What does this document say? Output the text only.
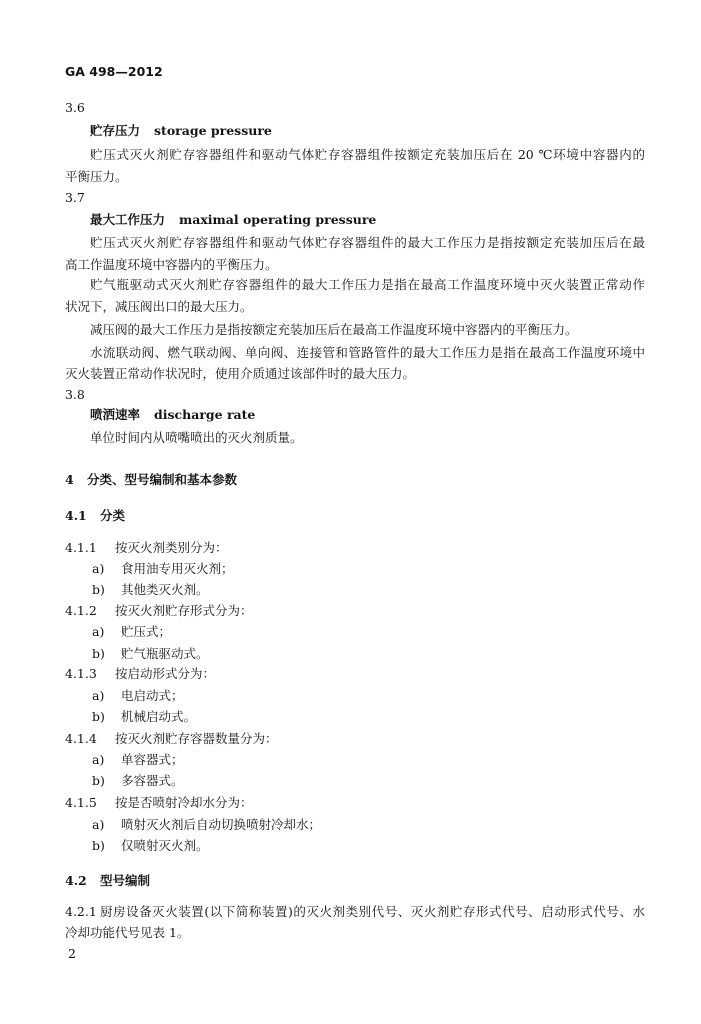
GA 498—2012
3.6
贮存压力 storage pressure
贮压式灭火剂贮存容器组件和驱动气体贮存容器组件按额定充装加压后在 20 ℃环境中容器内的
平衡压力。
3.7
最大工作压力 maximal operating pressure
贮压式灭火剂贮存容器组件和驱动气体贮存容器组件的最大工作压力是指按额定充装加压后在最
高工作温度环境中容器内的平衡压力。
贮气瓶驱动式灭火剂贮存容器组件的最大工作压力是指在最高工作温度环境中灭火装置正常动作
状况下，减压阀出口的最大压力。
减压阀的最大工作压力是指按额定充装加压后在最高工作温度环境中容器内的平衡压力。
水流联动阀、燃气联动阀、单向阀、连接管和管路管件的最大工作压力是指在最高工作温度环境中
灭火装置正常动作状况时，使用介质通过该部件时的最大压力。
3.8
喷洒速率 discharge rate
单位时间内从喷嘴喷出的灭火剂质量。
4 分类、型号编制和基本参数
4.1 分类
4.1.1 按灭火剂类别分为：
a) 食用油专用灭火剂；
b) 其他类灭火剂。
4.1.2 按灭火剂贮存形式分为：
a) 贮压式；
b) 贮气瓶驱动式。
4.1.3 按启动形式分为：
a) 电启动式；
b) 机械启动式。
4.1.4 按灭火剂贮存容器数量分为：
a) 单容器式；
b) 多容器式。
4.1.5 按是否喷射冷却水分为：
a) 喷射灭火剂后自动切换喷射冷却水；
b) 仅喷射灭火剂。
4.2 型号编制
4.2.1 厨房设备灭火装置(以下简称装置)的灭火剂类别代号、灭火剂贮存形式代号、启动形式代号、水
冷却功能代号见表 1。
2
